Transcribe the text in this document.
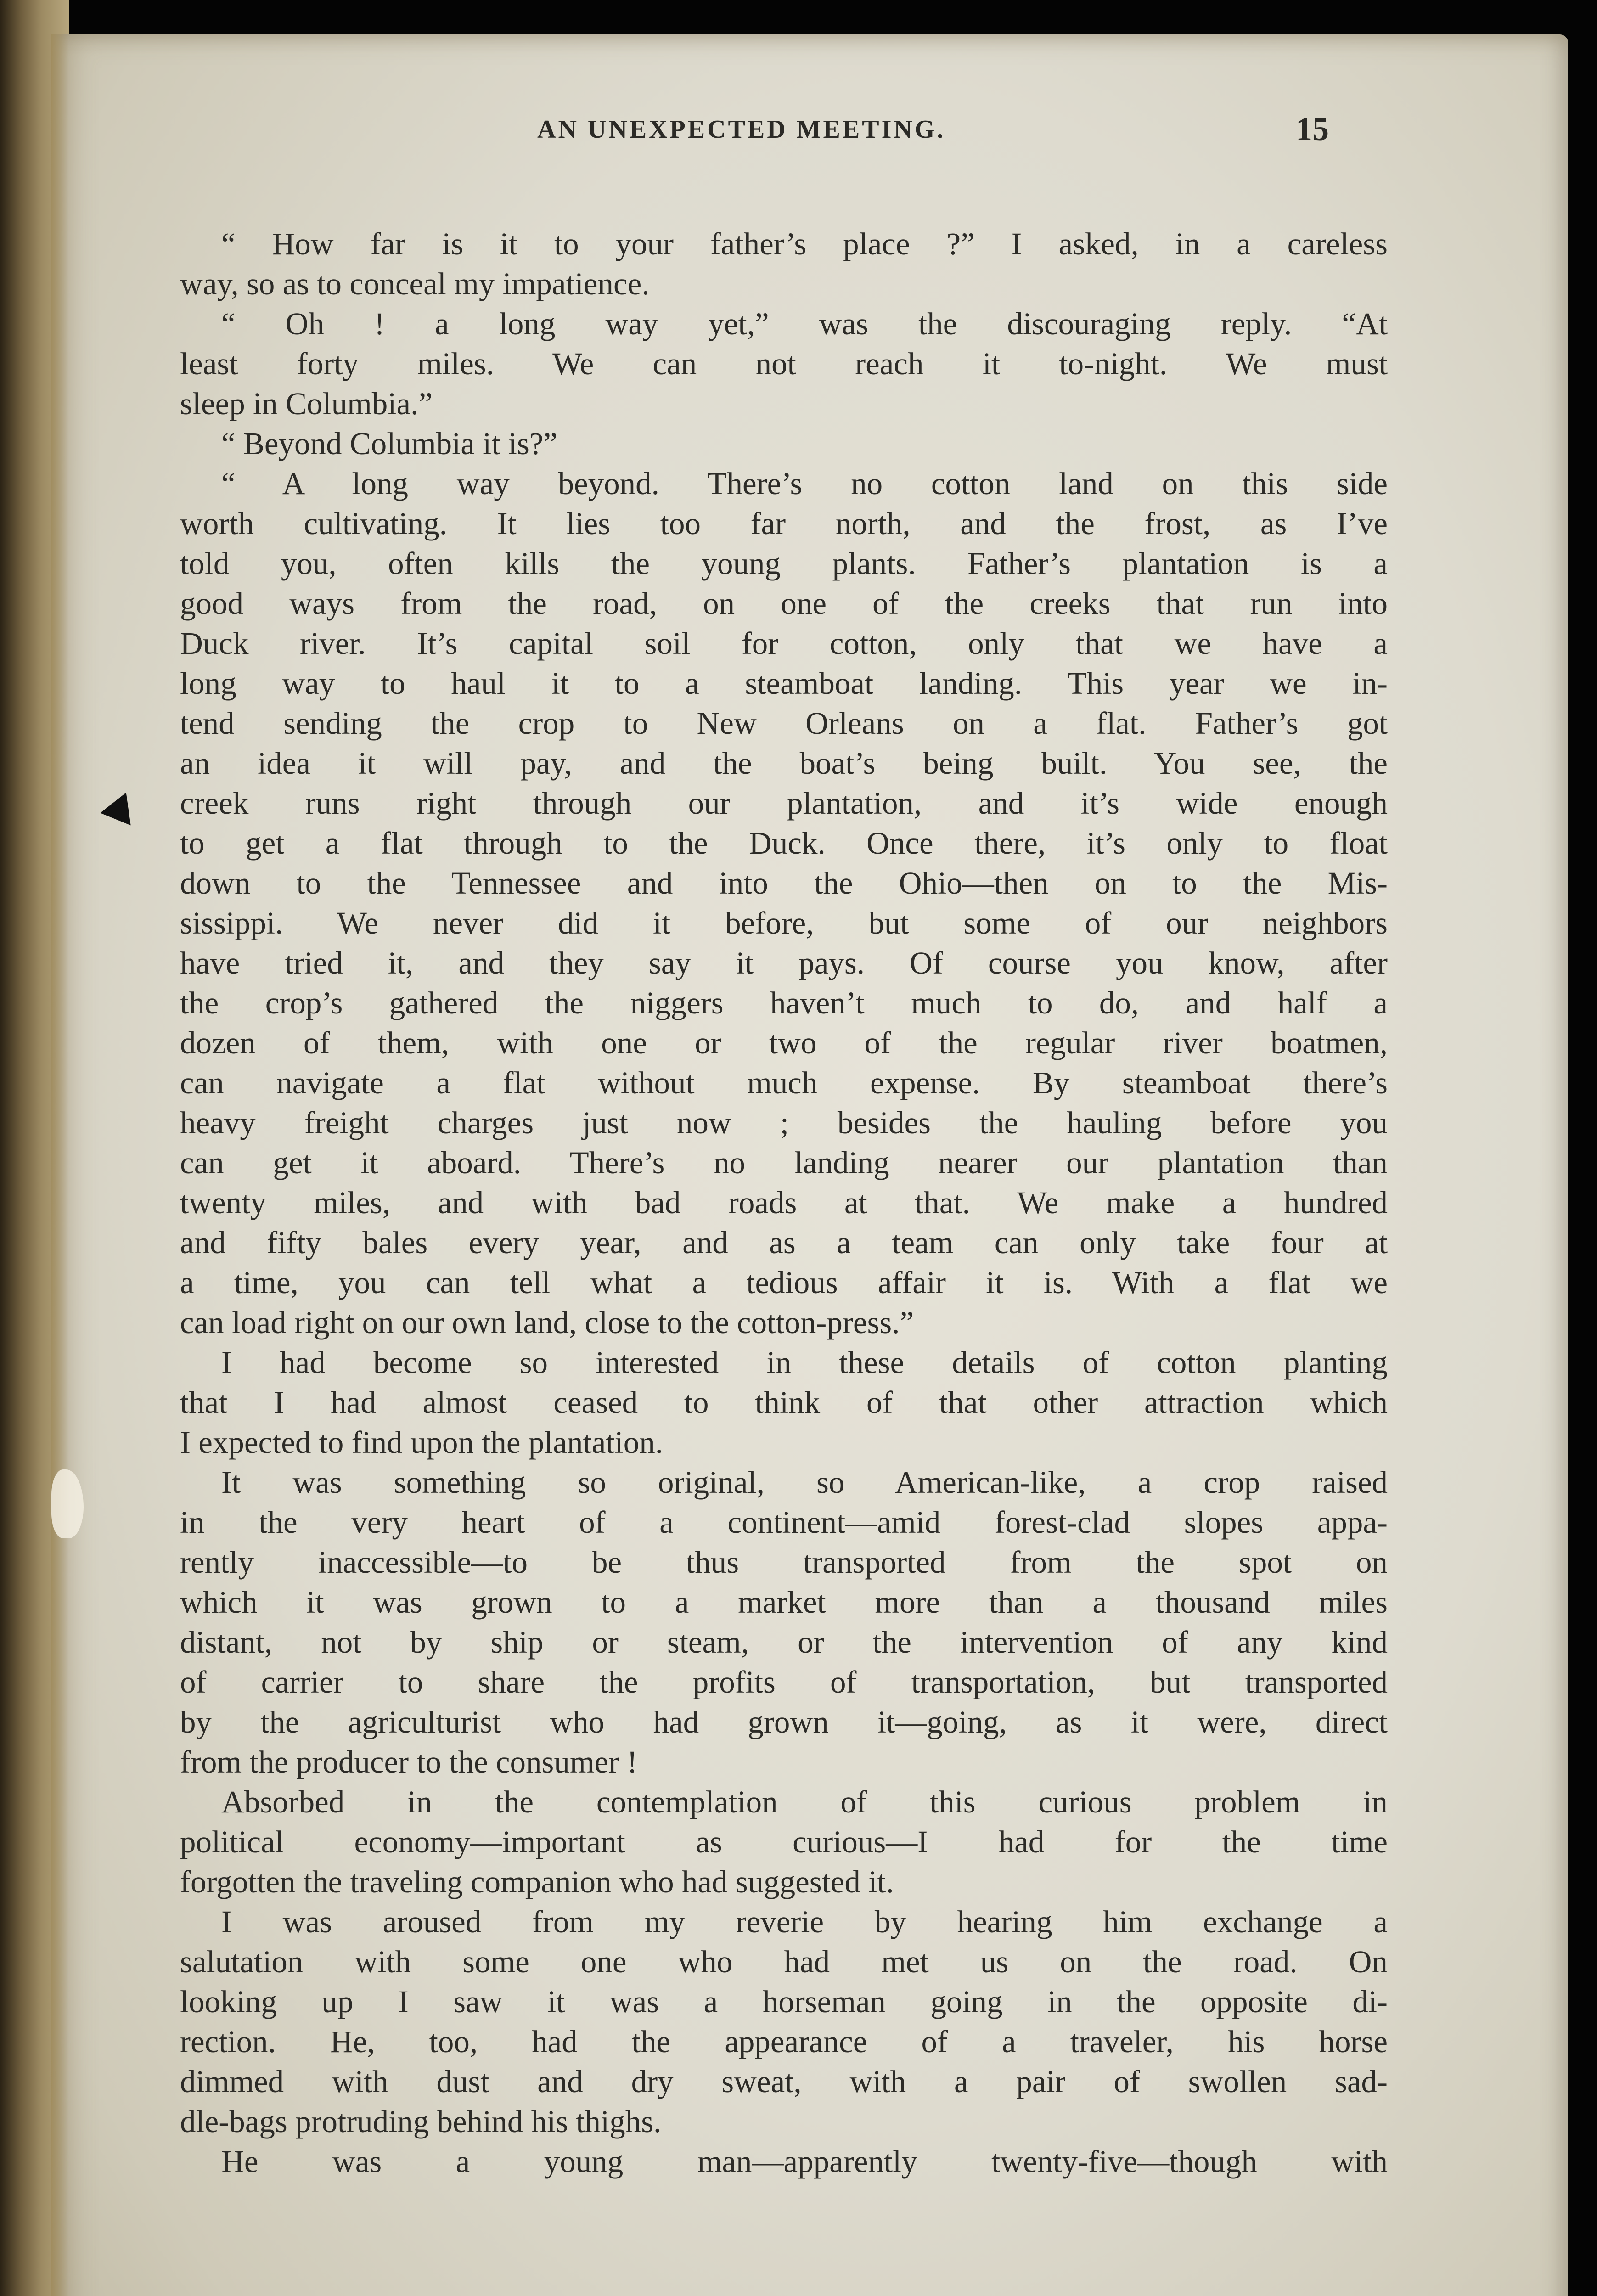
AN UNEXPECTED MEETING.	15
“ How far is it to your father’s place ?” I asked, in a careless
way, so as to conceal my impatience.
“ Oh ! a long way yet,” was the discouraging reply. “At
least forty miles. We can not reach it to-night. We must
sleep in Columbia.”
“ Beyond Columbia it is?”
“ A long way beyond. There’s no cotton land on this side
worth cultivating. It lies too far north, and the frost, as I’ve
told you, often kills the young plants. Father’s plantation is a
good ways from the road, on one of the creeks that run into
Duck river. It’s capital soil for cotton, only that we have a
long way to haul it to a steamboat landing. This year we in-
tend sending the crop to New Orleans on a flat. Father’s got
an idea it will pay, and the boat’s being built. You see, the
creek runs right through our plantation, and it’s wide enough
to get a flat through to the Duck. Once there, it’s only to float
down to the Tennessee and into the Ohio—then on to the Mis-
sissippi. We never did it before, but some of our neighbors
have tried it, and they say it pays. Of course you know, after
the crop’s gathered the niggers haven’t much to do, and half a
dozen of them, with one or two of the regular river boatmen,
can navigate a flat without much expense. By steamboat there’s
heavy freight charges just now ; besides the hauling before you
can get it aboard. There’s no landing nearer our plantation than
twenty miles, and with bad roads at that. We make a hundred
and fifty bales every year, and as a team can only take four at
a time, you can tell what a tedious affair it is. With a flat we
can load right on our own land, close to the cotton-press.”
I had become so interested in these details of cotton planting
that I had almost ceased to think of that other attraction which
I expected to find upon the plantation.
It was something so original, so American-like, a crop raised
in the very heart of a continent—amid forest-clad slopes appa-
rently inaccessible—to be thus transported from the spot on
which it was grown to a market more than a thousand miles
distant, not by ship or steam, or the intervention of any kind
of carrier to share the profits of transportation, but transported
by the agriculturist who had grown it—going, as it were, direct
from the producer to the consumer !
Absorbed in the contemplation of this curious problem in
political economy—important as curious—I had for the time
forgotten the traveling companion who had suggested it.
I was aroused from my reverie by hearing him exchange a
salutation with some one who had met us on the road. On
looking up I saw it was a horseman going in the opposite di-
rection. He, too, had the appearance of a traveler, his horse
dimmed with dust and dry sweat, with a pair of swollen sad-
dle-bags protruding behind his thighs.
He was a young man—apparently twenty-five—though with
